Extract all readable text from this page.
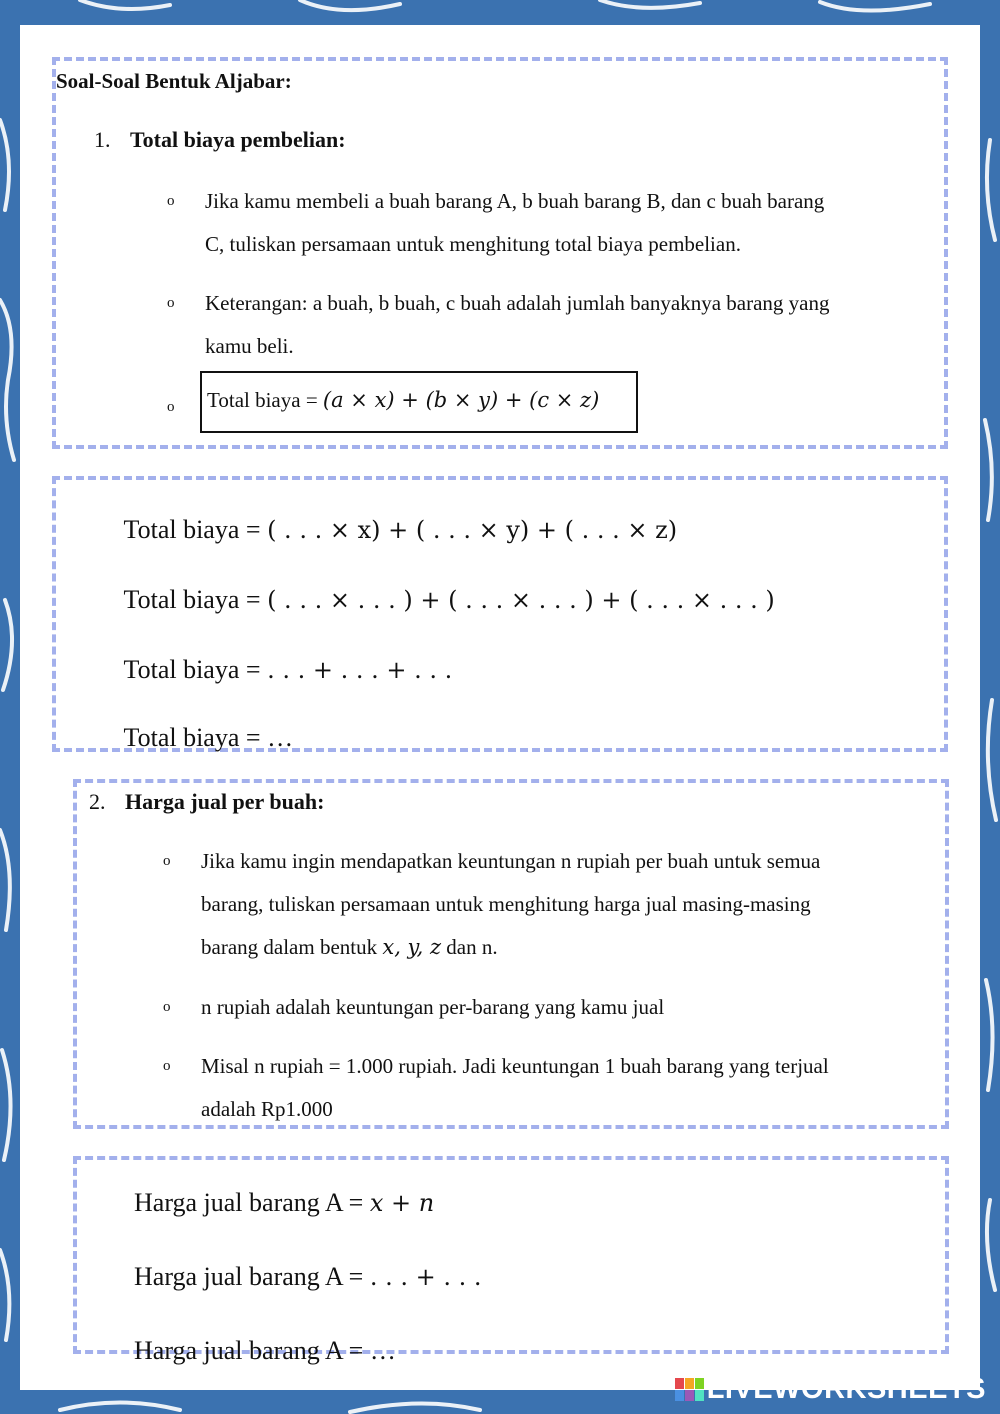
Soal-Soal Bentuk Aljabar:
1. Total biaya pembelian:
o Jika kamu membeli a buah barang A, b buah barang B, dan c buah barang
C, tuliskan persamaan untuk menghitung total biaya pembelian.
o Keterangan: a buah, b buah, c buah adalah jumlah banyaknya barang yang
kamu beli.
o	Total biaya = (a × x) + (b × y) + (c × z)

Total biaya = ( . . . × x) + ( . . . × y) + ( . . . × z)

Total biaya = ( . . . × . . . ) + ( . . . × . . . ) + ( . . . × . . . )

Total biaya = . . . + . . . + . . .

Total biaya = …

2. Harga jual per buah:
o Jika kamu ingin mendapatkan keuntungan n rupiah per buah untuk semua
barang, tuliskan persamaan untuk menghitung harga jual masing-masing
barang dalam bentuk x, y, z dan n.
o n rupiah adalah keuntungan per-barang yang kamu jual
o Misal n rupiah = 1.000 rupiah. Jadi keuntungan 1 buah barang yang terjual
adalah Rp1.000

Harga jual barang A = x + n

Harga jual barang A = . . . + . . .

Harga jual barang A = …

LIVEWORKSHEETS
